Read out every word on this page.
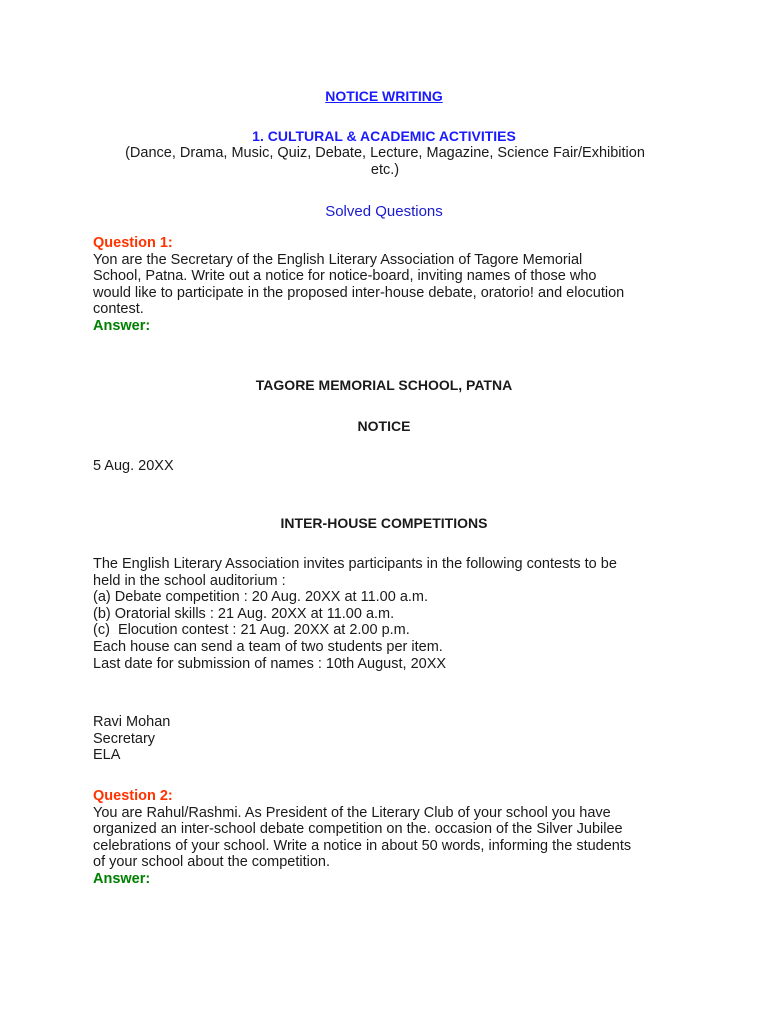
NOTICE WRITING
1. CULTURAL & ACADEMIC ACTIVITIES
(Dance, Drama, Music, Quiz, Debate, Lecture, Magazine, Science Fair/Exhibition
etc.)
Solved Questions
Question 1:
Yon are the Secretary of the English Literary Association of Tagore Memorial
School, Patna. Write out a notice for notice-board, inviting names of those who
would like to participate in the proposed inter-house debate, oratorio! and elocution
contest.
Answer:
TAGORE MEMORIAL SCHOOL, PATNA
NOTICE
5 Aug. 20XX
INTER-HOUSE COMPETITIONS
The English Literary Association invites participants in the following contests to be
held in the school auditorium :
(a) Debate competition : 20 Aug. 20XX at 11.00 a.m.
(b) Oratorial skills : 21 Aug. 20XX at 11.00 a.m.
(c)  Elocution contest : 21 Aug. 20XX at 2.00 p.m.
Each house can send a team of two students per item.
Last date for submission of names : 10th August, 20XX
Ravi Mohan
Secretary
ELA
Question 2:
You are Rahul/Rashmi. As President of the Literary Club of your school you have
organized an inter-school debate competition on the. occasion of the Silver Jubilee
celebrations of your school. Write a notice in about 50 words, informing the students
of your school about the competition.
Answer:
